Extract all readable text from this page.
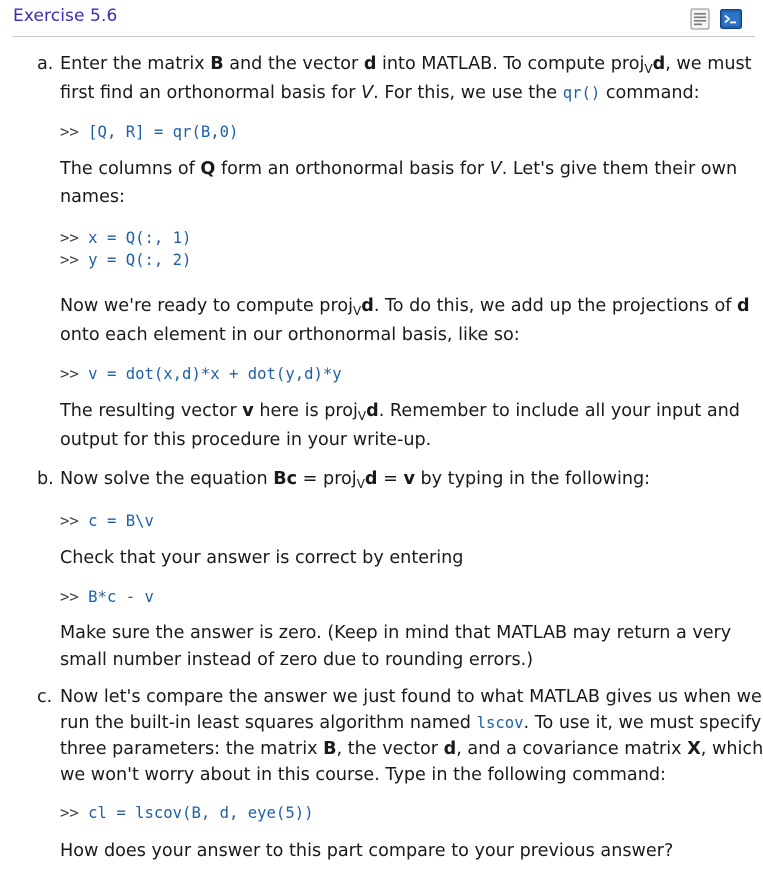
Exercise 5.6
a. Enter the matrix B and the vector d into MATLAB. To compute proj$_V$d, we must
first find an orthonormal basis for V. For this, we use the qr() command:
>> [Q, R] = qr(B,0)
The columns of Q form an orthonormal basis for V. Let's give them their own
names:
>> x = Q(:, 1)
>> y = Q(:, 2)
Now we're ready to compute proj$_V$d. To do this, we add up the projections of d
onto each element in our orthonormal basis, like so:
>> v = dot(x,d)*x + dot(y,d)*y
The resulting vector v here is proj$_V$d. Remember to include all your input and
output for this procedure in your write-up.
b. Now solve the equation Bc = proj$_V$d = v by typing in the following:
>> c = B\v
Check that your answer is correct by entering
>> B*c - v
Make sure the answer is zero. (Keep in mind that MATLAB may return a very
small number instead of zero due to rounding errors.)
c. Now let's compare the answer we just found to what MATLAB gives us when we
run the built-in least squares algorithm named lscov. To use it, we must specify
three parameters: the matrix B, the vector d, and a covariance matrix X, which
we won't worry about in this course. Type in the following command:
>> cl = lscov(B, d, eye(5))
How does your answer to this part compare to your previous answer?
